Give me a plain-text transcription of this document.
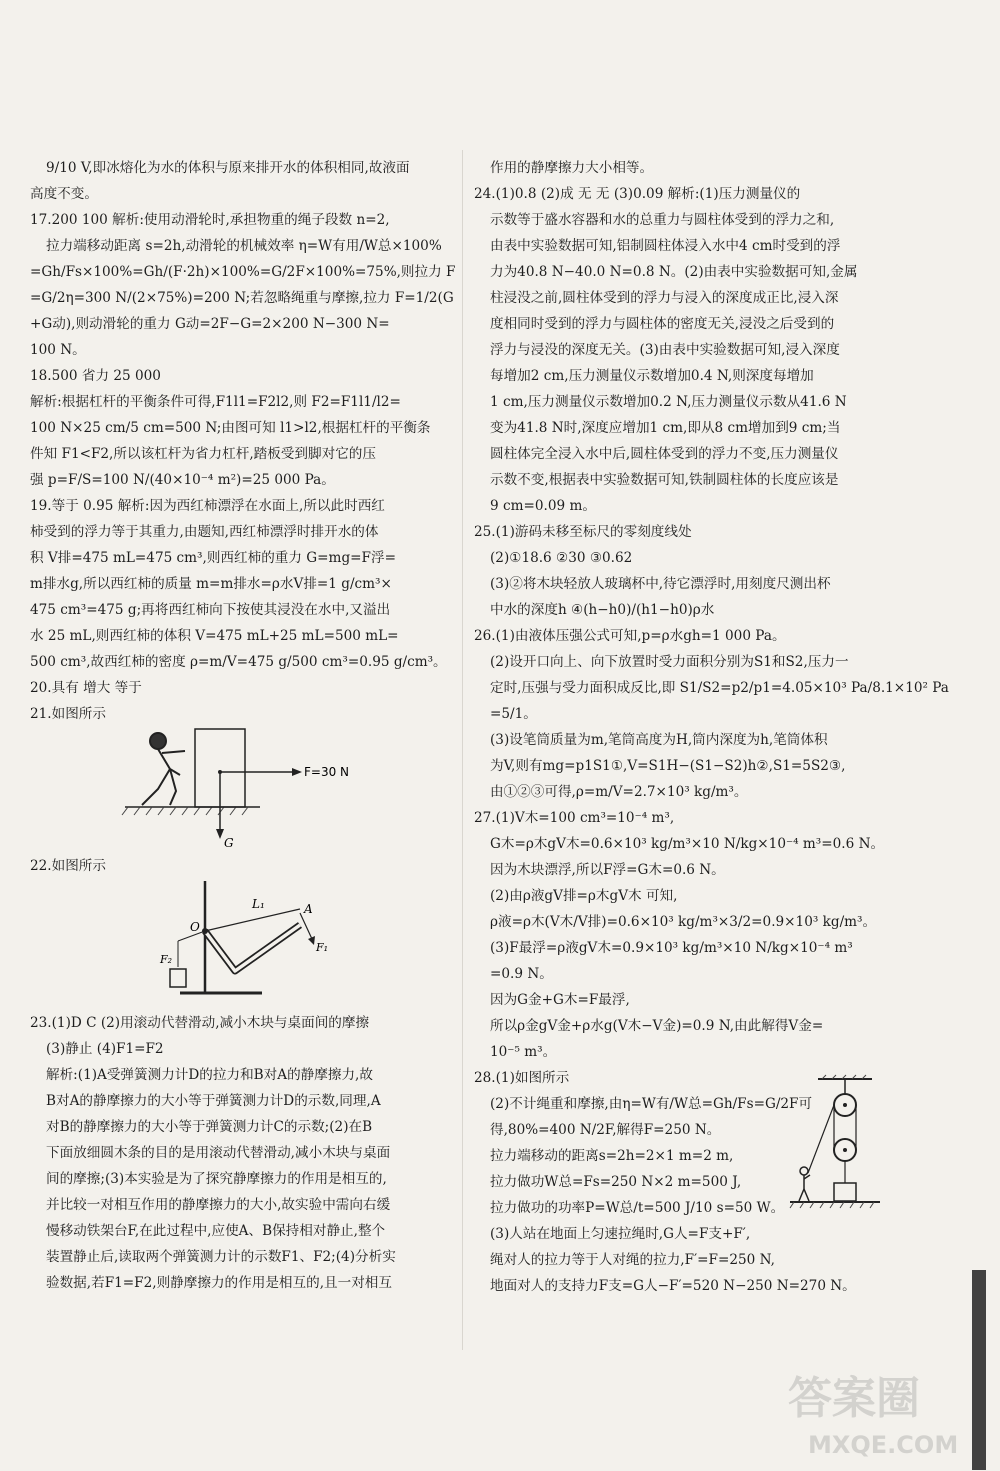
9/10 V,即冰熔化为水的体积与原来排开水的体积相同,故液面

高度不变。

17.200 100 解析:使用动滑轮时,承担物重的绳子段数 n=2,

拉力端移动距离 s=2h,动滑轮的机械效率 η=W有用/W总×100%

=Gh/Fs×100%=Gh/(F·2h)×100%=G/2F×100%=75%,则拉力 F

=G/2η=300 N/(2×75%)=200 N;若忽略绳重与摩擦,拉力 F=1/2(G

+G动),则动滑轮的重力 G动=2F−G=2×200 N−300 N=

100 N。

18.500 省力 25 000

解析:根据杠杆的平衡条件可得,F1l1=F2l2,则 F2=F1l1/l2=

100 N×25 cm/5 cm=500 N;由图可知 l1>l2,根据杠杆的平衡条

件知 F1<F2,所以该杠杆为省力杠杆,踏板受到脚对它的压

强 p=F/S=100 N/(40×10⁻⁴ m²)=25 000 Pa。

19.等于 0.95 解析:因为西红柿漂浮在水面上,所以此时西红

柿受到的浮力等于其重力,由题知,西红柿漂浮时排开水的体

积 V排=475 mL=475 cm³,则西红柿的重力 G=mg=F浮=

m排水g,所以西红柿的质量 m=m排水=ρ水V排=1 g/cm³×

475 cm³=475 g;再将西红柿向下按使其浸没在水中,又溢出

水 25 mL,则西红柿的体积 V=475 mL+25 mL=500 mL=

500 cm³,故西红柿的密度 ρ=m/V=475 g/500 cm³=0.95 g/cm³。

20.具有 增大 等于

21.如图所示

F=30 N
G

22.如图所示

O
L₁	A
F₁
F₂

23.(1)D C (2)用滚动代替滑动,减小木块与桌面间的摩擦

(3)静止 (4)F1=F2

解析:(1)A受弹簧测力计D的拉力和B对A的静摩擦力,故

B对A的静摩擦力的大小等于弹簧测力计D的示数,同理,A

对B的静摩擦力的大小等于弹簧测力计C的示数;(2)在B

下面放细圆木条的目的是用滚动代替滑动,减小木块与桌面

间的摩擦;(3)本实验是为了探究静摩擦力的作用是相互的,

并比较一对相互作用的静摩擦力的大小,故实验中需向右缓

慢移动铁架台F,在此过程中,应使A、B保持相对静止,整个

装置静止后,读取两个弹簧测力计的示数F1、F2;(4)分析实

验数据,若F1=F2,则静摩擦力的作用是相互的,且一对相互

作用的静摩擦力大小相等。

24.(1)0.8 (2)成 无 无 (3)0.09 解析:(1)压力测量仪的

示数等于盛水容器和水的总重力与圆柱体受到的浮力之和,

由表中实验数据可知,铝制圆柱体浸入水中4 cm时受到的浮

力为40.8 N−40.0 N=0.8 N。(2)由表中实验数据可知,金属

柱浸没之前,圆柱体受到的浮力与浸入的深度成正比,浸入深

度相同时受到的浮力与圆柱体的密度无关,浸没之后受到的

浮力与浸没的深度无关。(3)由表中实验数据可知,浸入深度

每增加2 cm,压力测量仪示数增加0.4 N,则深度每增加

1 cm,压力测量仪示数增加0.2 N,压力测量仪示数从41.6 N

变为41.8 N时,深度应增加1 cm,即从8 cm增加到9 cm;当

圆柱体完全浸入水中后,圆柱体受到的浮力不变,压力测量仪

示数不变,根据表中实验数据可知,铁制圆柱体的长度应该是

9 cm=0.09 m。

25.(1)游码未移至标尺的零刻度线处

(2)①18.6 ②30 ③0.62

(3)②将木块轻放人玻璃杯中,待它漂浮时,用刻度尺测出杯

中水的深度h ④(h−h0)/(h1−h0)ρ水

26.(1)由液体压强公式可知,p=ρ水gh=1 000 Pa。

(2)设开口向上、向下放置时受力面积分别为S1和S2,压力一

定时,压强与受力面积成反比,即 S1/S2=p2/p1=4.05×10³ Pa/8.1×10² Pa

=5/1。

(3)设笔筒质量为m,笔筒高度为H,筒内深度为h,笔筒体积

为V,则有mg=p1S1①,V=S1H−(S1−S2)h②,S1=5S2③,

由①②③可得,ρ=m/V=2.7×10³ kg/m³。

27.(1)V木=100 cm³=10⁻⁴ m³,

G木=ρ木gV木=0.6×10³ kg/m³×10 N/kg×10⁻⁴ m³=0.6 N。

因为木块漂浮,所以F浮=G木=0.6 N。

(2)由ρ液gV排=ρ木gV木 可知,

ρ液=ρ木(V木/V排)=0.6×10³ kg/m³×3/2=0.9×10³ kg/m³。

(3)F最浮=ρ液gV木=0.9×10³ kg/m³×10 N/kg×10⁻⁴ m³

=0.9 N。

因为G金+G木=F最浮,

所以ρ金gV金+ρ水g(V木−V金)=0.9 N,由此解得V金=

10⁻⁵ m³。

28.(1)如图所示

(2)不计绳重和摩擦,由η=W有/W总=Gh/Fs=G/2F可

得,80%=400 N/2F,解得F=250 N。

拉力端移动的距离s=2h=2×1 m=2 m,

拉力做功W总=Fs=250 N×2 m=500 J,

拉力做功的功率P=W总/t=500 J/10 s=50 W。

(3)人站在地面上匀速拉绳时,G人=F支+F′,

绳对人的拉力等于人对绳的拉力,F′=F=250 N,

地面对人的支持力F支=G人−F′=520 N−250 N=270 N。

答案圈
MXQE.COM
